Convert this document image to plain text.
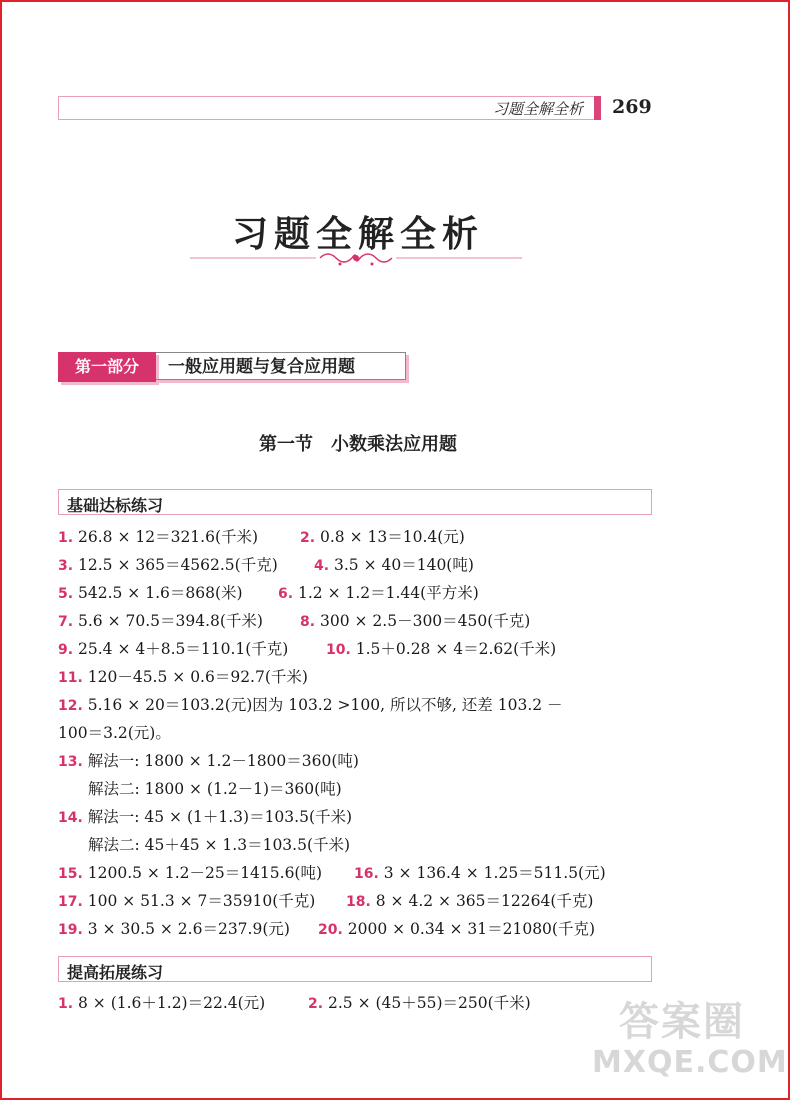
习题全解全析 269
习题全解全析
第一部分	一般应用题与复合应用题
第一节　小数乘法应用题
基础达标练习
1. 26.8 × 12＝321.6(千米)	2. 0.8 × 13＝10.4(元)
3. 12.5 × 365＝4562.5(千克)	4. 3.5 × 40＝140(吨)
5. 542.5 × 1.6＝868(米)	6. 1.2 × 1.2＝1.44(平方米)
7. 5.6 × 70.5＝394.8(千米)	8. 300 × 2.5－300＝450(千克)
9. 25.4 × 4＋8.5＝110.1(千克)	10. 1.5＋0.28 × 4＝2.62(千米)
11. 120－45.5 × 0.6＝92.7(千米)
12. 5.16 × 20＝103.2(元)因为 103.2 >100, 所以不够, 还差 103.2 －
100＝3.2(元)。
13. 解法一: 1800 × 1.2－1800＝360(吨)
解法二: 1800 × (1.2－1)＝360(吨)
14. 解法一: 45 × (1＋1.3)＝103.5(千米)
解法二: 45＋45 × 1.3＝103.5(千米)
15. 1200.5 × 1.2－25＝1415.6(吨) 16. 3 × 136.4 × 1.25＝511.5(元)
17. 100 × 51.3 × 7＝35910(千克) 18. 8 × 4.2 × 365＝12264(千克)
19. 3 × 30.5 × 2.6＝237.9(元) 20. 2000 × 0.34 × 31＝21080(千克)
提高拓展练习
1. 8 × (1.6＋1.2)＝22.4(元)	2. 2.5 × (45＋55)＝250(千米)	答案圈
MXQE.COM
